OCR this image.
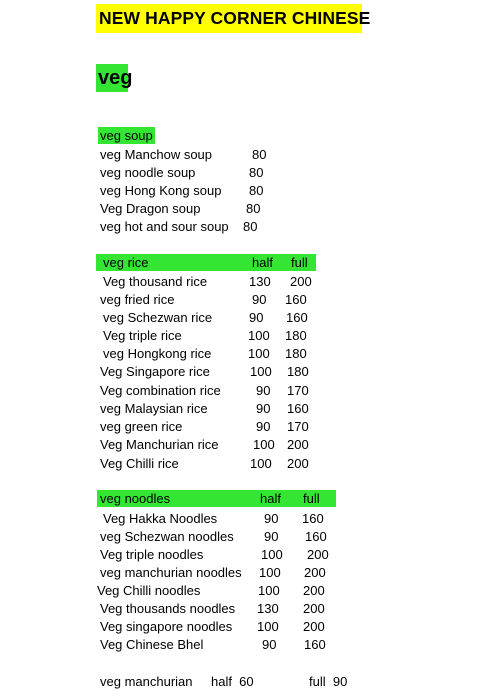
NEW HAPPY CORNER CHINESE
veg
veg soup
veg Manchow soup	80
veg noodle soup	80
veg Hong Kong soup 80
Veg Dragon soup	80
veg hot and sour soup 80
veg rice	half full
Veg thousand rice	130 200
veg fried rice	90 160
veg Schezwan rice	90 160
Veg triple rice	100 180
veg Hongkong rice	100 180
Veg Singapore rice	100 180
Veg combination rice	90 170
veg Malaysian rice	90 160
veg green rice	90 170
Veg Manchurian rice	100 200
Veg Chilli rice	100 200
veg noodles	half full
Veg Hakka Noodles	90 160
veg Schezwan noodles 90 160
Veg triple noodles	100 200
veg manchurian noodles 100 200
Veg Chilli noodles	100 200
Veg thousands noodles 130 200
Veg singapore noodles 100 200
Veg Chinese Bhel	90 160
veg manchurian half  60	full  90
